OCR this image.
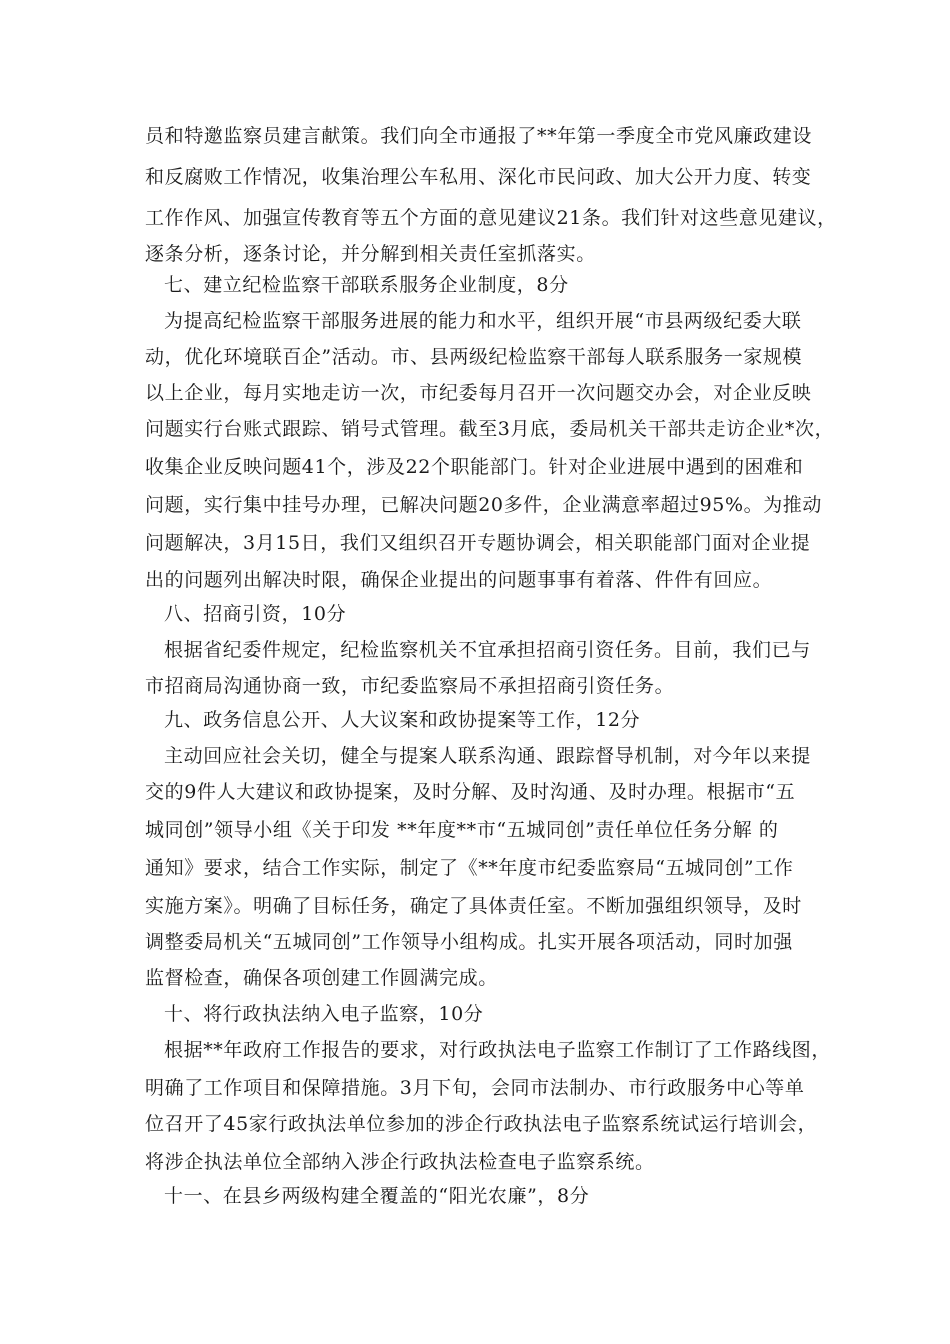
员和特邀监察员建言献策。我们向全市通报了**年第一季度全市党风廉政建设
和反腐败工作情况，收集治理公车私用、深化市民问政、加大公开力度、转变
工作作风、加强宣传教育等五个方面的意见建议21条。我们针对这些意见建议，
逐条分析，逐条讨论，并分解到相关责任室抓落实。
七、建立纪检监察干部联系服务企业制度，8分
为提高纪检监察干部服务进展的能力和水平，组织开展“市县两级纪委大联
动，优化环境联百企”活动。市、县两级纪检监察干部每人联系服务一家规模
以上企业，每月实地走访一次，市纪委每月召开一次问题交办会，对企业反映
问题实行台账式跟踪、销号式管理。截至3月底，委局机关干部共走访企业*次，
收集企业反映问题41个，涉及22个职能部门。针对企业进展中遇到的困难和
问题，实行集中挂号办理，已解决问题20多件，企业满意率超过95%。为推动
问题解决，3月15日，我们又组织召开专题协调会，相关职能部门面对企业提
出的问题列出解决时限，确保企业提出的问题事事有着落、件件有回应。
八、招商引资，10分
根据省纪委件规定，纪检监察机关不宜承担招商引资任务。目前，我们已与
市招商局沟通协商一致，市纪委监察局不承担招商引资任务。
九、政务信息公开、人大议案和政协提案等工作，12分
主动回应社会关切，健全与提案人联系沟通、跟踪督导机制，对今年以来提
交的9件人大建议和政协提案，及时分解、及时沟通、及时办理。根据市“五
城同创”领导小组《关于印发 **年度**市“五城同创”责任单位任务分解 的
通知》要求，结合工作实际，制定了《**年度市纪委监察局“五城同创”工作
实施方案》。明确了目标任务，确定了具体责任室。不断加强组织领导，及时
调整委局机关“五城同创”工作领导小组构成。扎实开展各项活动，同时加强
监督检查，确保各项创建工作圆满完成。
十、将行政执法纳入电子监察，10分
根据**年政府工作报告的要求，对行政执法电子监察工作制订了工作路线图，
明确了工作项目和保障措施。3月下旬，会同市法制办、市行政服务中心等单
位召开了45家行政执法单位参加的涉企行政执法电子监察系统试运行培训会，
将涉企执法单位全部纳入涉企行政执法检查电子监察系统。
十一、在县乡两级构建全覆盖的“阳光农廉”，8分
